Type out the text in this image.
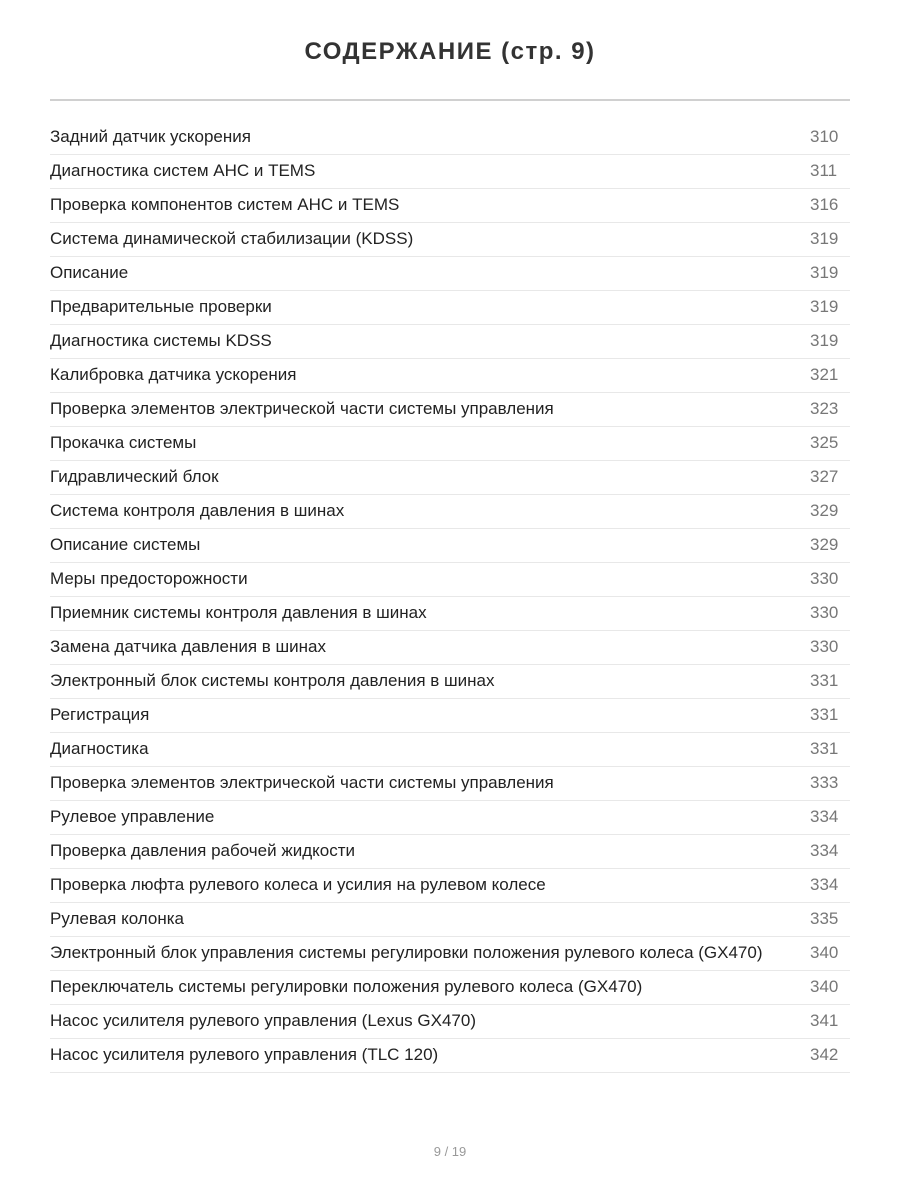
СОДЕРЖАНИЕ (стр. 9)
Задний датчик ускорения	310
Диагностика систем AHC и TEMS	311
Проверка компонентов систем AHC и TEMS	316
Система динамической стабилизации (KDSS)	319
Описание	319
Предварительные проверки	319
Диагностика системы KDSS	319
Калибровка датчика ускорения	321
Проверка элементов электрической части системы управления	323
Прокачка системы	325
Гидравлический блок	327
Система контроля давления в шинах	329
Описание системы	329
Меры предосторожности	330
Приемник системы контроля давления в шинах	330
Замена датчика давления в шинах	330
Электронный блок системы контроля давления в шинах	331
Регистрация	331
Диагностика	331
Проверка элементов электрической части системы управления	333
Рулевое управление	334
Проверка давления рабочей жидкости	334
Проверка люфта рулевого колеса и усилия на рулевом колесе	334
Рулевая колонка	335
Электронный блок управления системы регулировки положения рулевого колеса (GX470)	340
Переключатель системы регулировки положения рулевого колеса (GX470)	340
Насос усилителя рулевого управления (Lexus GX470)	341
Насос усилителя рулевого управления (TLC 120)	342
9 / 19
